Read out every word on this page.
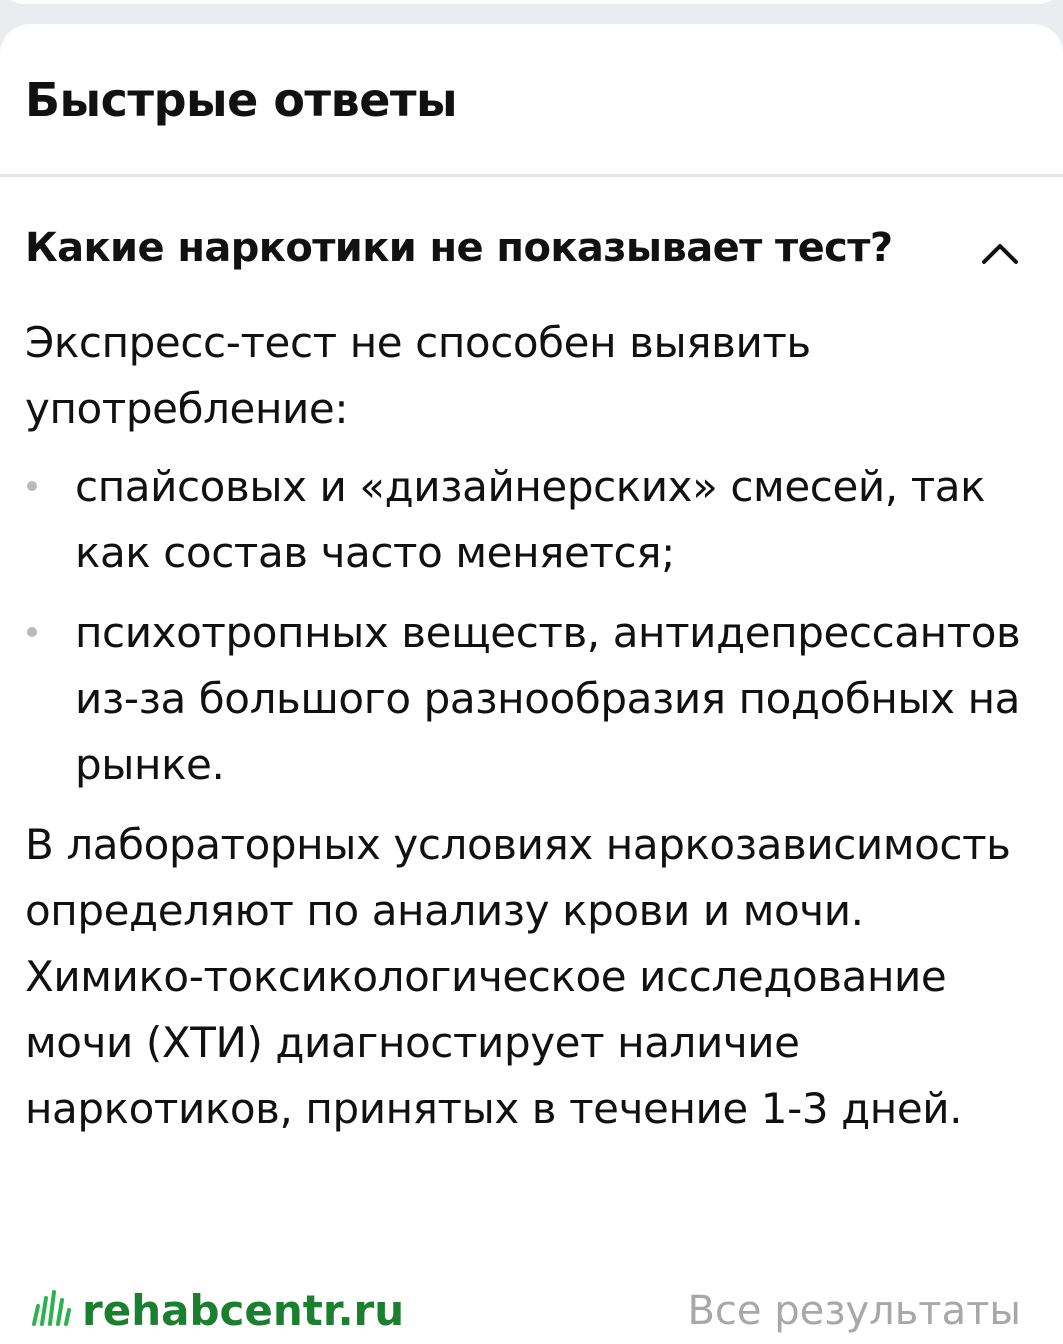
Быстрые ответы
Какие наркотики не показывает тест?

Экспресс-тест не способен выявить употребление:

спайсовых и «дизайнерских» смесей, так как состав часто меняется;
психотропных веществ, антидепрессантов из-за большого разнообразия подобных на рынке.

В лабораторных условиях наркозависимость определяют по анализу крови и мочи. Химико-токсикологическое исследование мочи (ХТИ) диагностирует наличие наркотиков, принятых в течение 1-3 дней.

rehabcentr.ru	Все результаты
